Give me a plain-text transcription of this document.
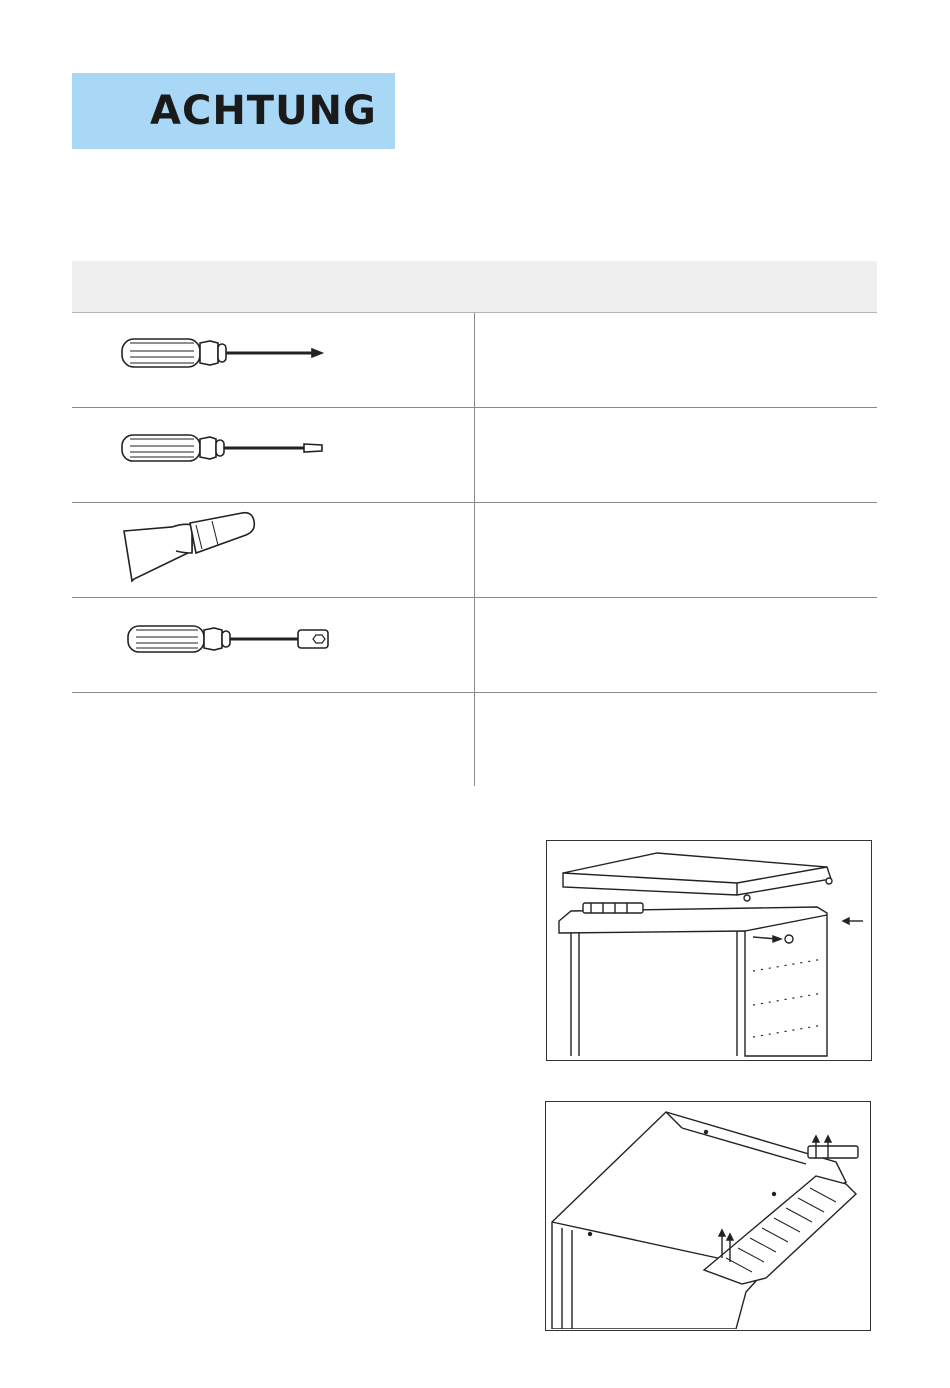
ACHTUNG
